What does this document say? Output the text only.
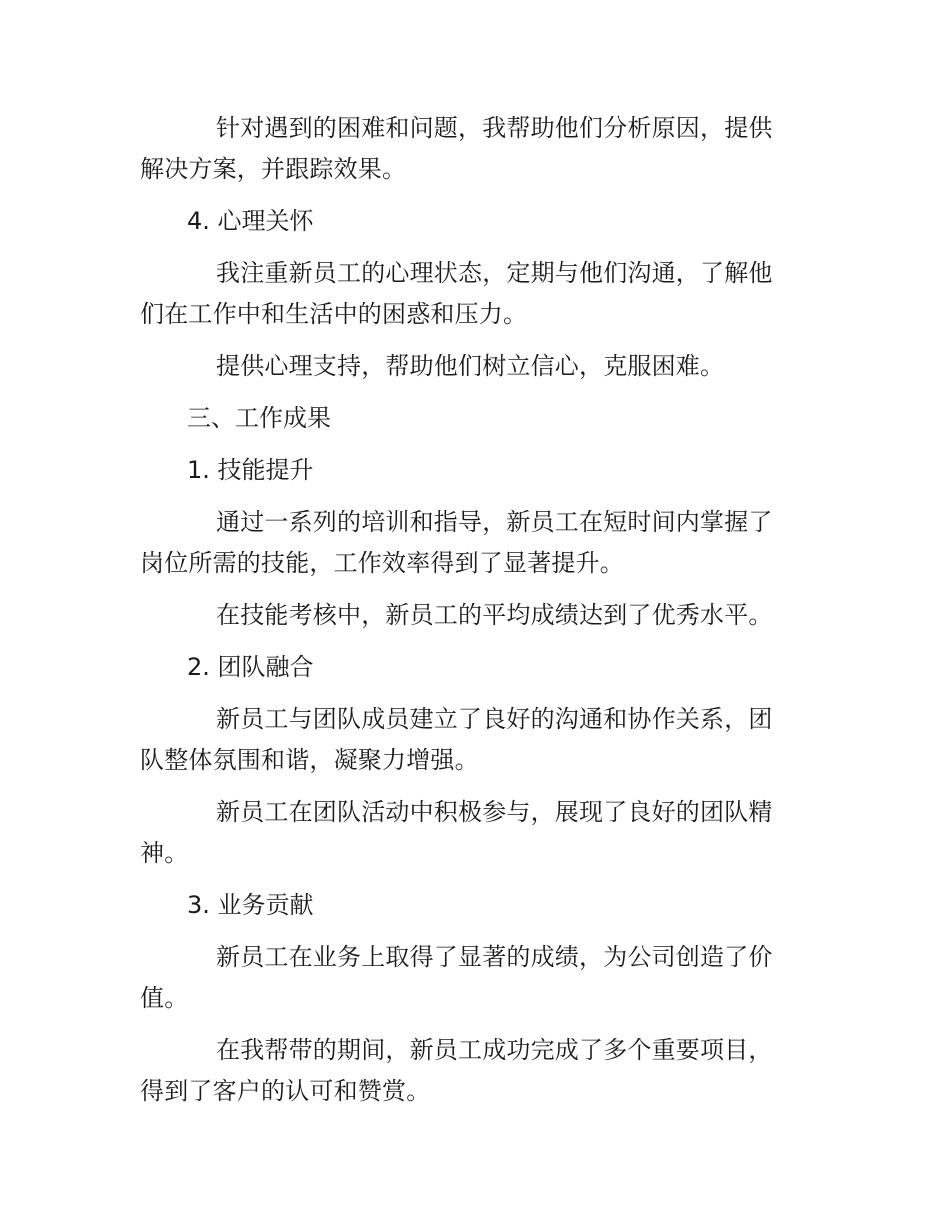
针对遇到的困难和问题，我帮助他们分析原因，提供解决方案，并跟踪效果。

4. 心理关怀

我注重新员工的心理状态，定期与他们沟通，了解他们在工作中和生活中的困惑和压力。

提供心理支持，帮助他们树立信心，克服困难。

三、工作成果

1. 技能提升

通过一系列的培训和指导，新员工在短时间内掌握了岗位所需的技能，工作效率得到了显著提升。

在技能考核中，新员工的平均成绩达到了优秀水平。

2. 团队融合

新员工与团队成员建立了良好的沟通和协作关系，团队整体氛围和谐，凝聚力增强。

新员工在团队活动中积极参与，展现了良好的团队精神。

3. 业务贡献

新员工在业务上取得了显著的成绩，为公司创造了价值。

在我帮带的期间，新员工成功完成了多个重要项目，得到了客户的认可和赞赏。
